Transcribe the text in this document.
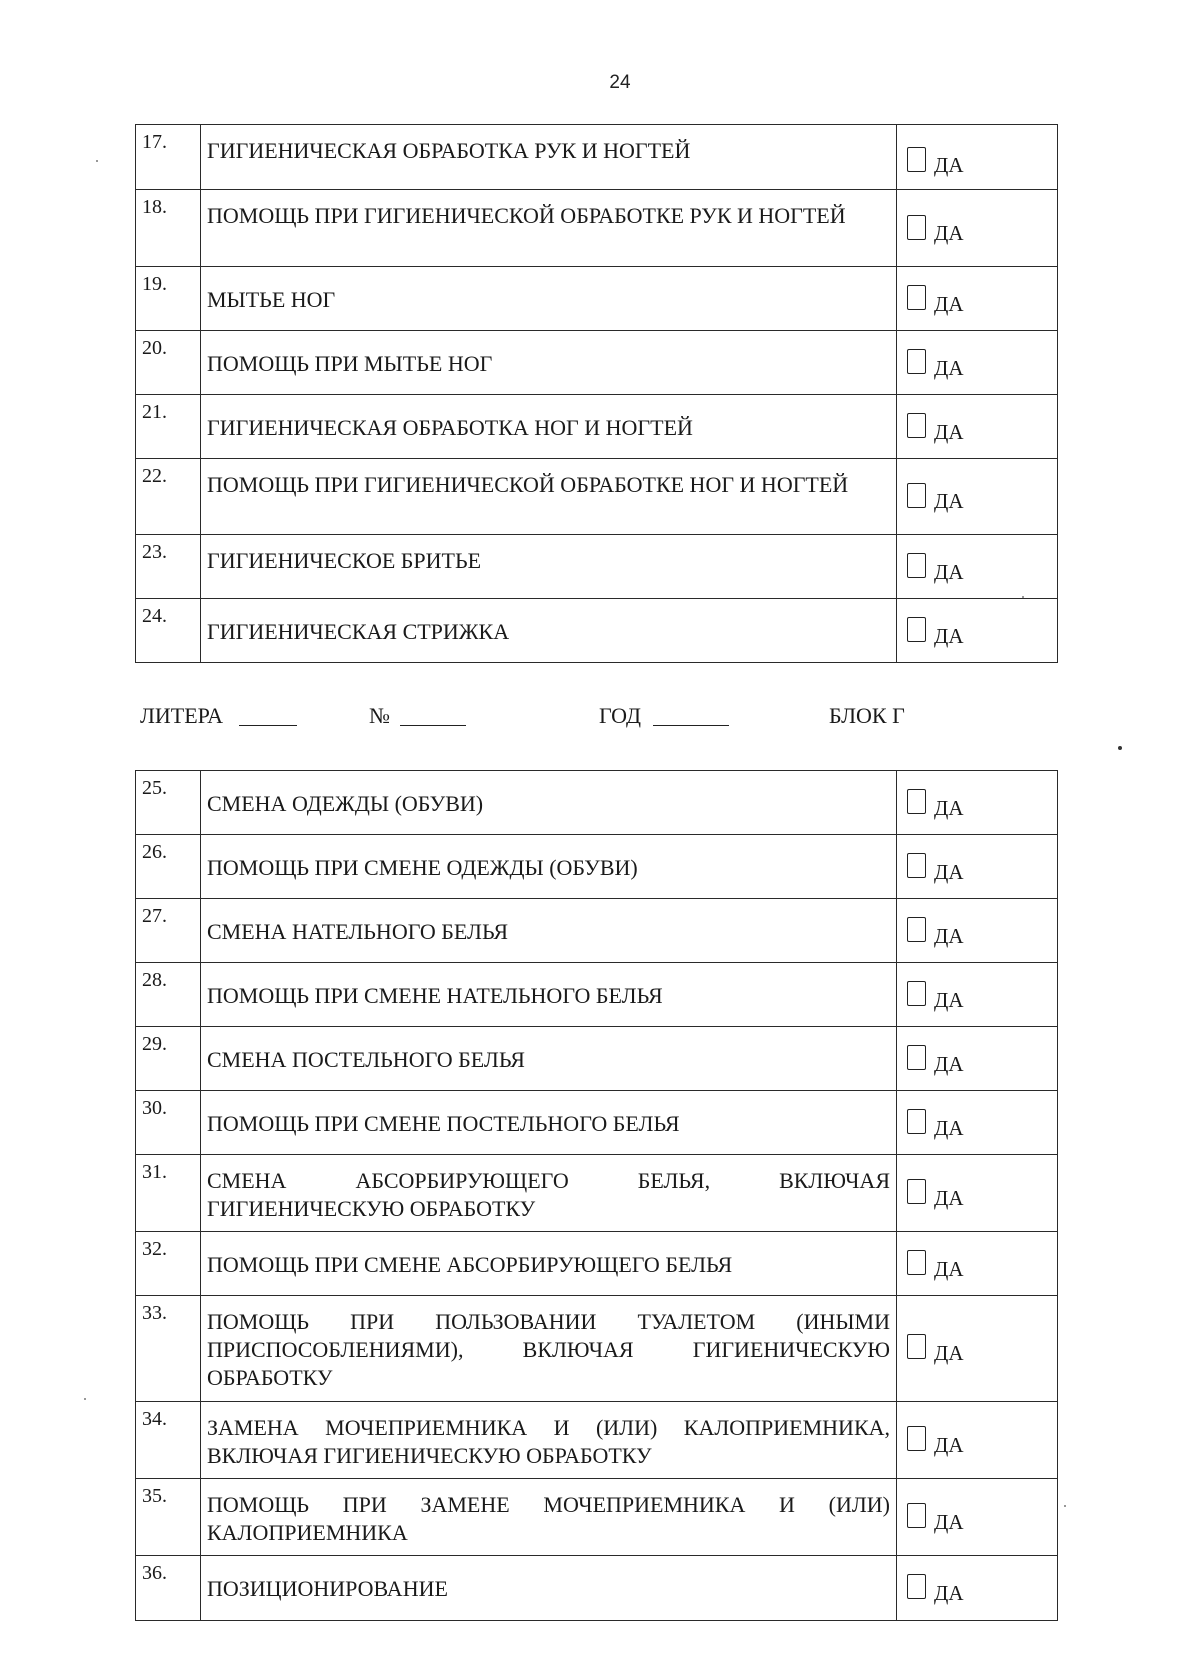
24
17.	ГИГИЕНИЧЕСКАЯ ОБРАБОТКА РУК И НОГТЕЙ	ДА

18.	ПОМОЩЬ ПРИ ГИГИЕНИЧЕСКОЙ ОБРАБОТКЕ РУК И НОГТЕЙ	ДА

19.	МЫТЬЕ НОГ	ДА

20.	ПОМОЩЬ ПРИ МЫТЬЕ НОГ	ДА

21.	ГИГИЕНИЧЕСКАЯ ОБРАБОТКА НОГ И НОГТЕЙ	ДА

22.	ПОМОЩЬ ПРИ ГИГИЕНИЧЕСКОЙ ОБРАБОТКЕ НОГ И НОГТЕЙ	ДА

23.	ГИГИЕНИЧЕСКОЕ БРИТЬЕ	ДА

24.	ГИГИЕНИЧЕСКАЯ СТРИЖКА	ДА
ЛИТЕРА	№	ГОД	БЛОК Г
25.	СМЕНА ОДЕЖДЫ (ОБУВИ)	ДА

26.	ПОМОЩЬ ПРИ СМЕНЕ ОДЕЖДЫ (ОБУВИ)	ДА

27.	СМЕНА НАТЕЛЬНОГО БЕЛЬЯ	ДА

28.	ПОМОЩЬ ПРИ СМЕНЕ НАТЕЛЬНОГО БЕЛЬЯ	ДА

29.	СМЕНА ПОСТЕЛЬНОГО БЕЛЬЯ	ДА

30.	ПОМОЩЬ ПРИ СМЕНЕ ПОСТЕЛЬНОГО БЕЛЬЯ	ДА

31.	СМЕНА АБСОРБИРУЮЩЕГО БЕЛЬЯ, ВКЛЮЧАЯ ГИГИЕНИЧЕСКУЮ ОБРАБОТКУ	ДА

32.	ПОМОЩЬ ПРИ СМЕНЕ АБСОРБИРУЮЩЕГО БЕЛЬЯ	ДА

33.	ПОМОЩЬ ПРИ ПОЛЬЗОВАНИИ ТУАЛЕТОМ (ИНЫМИ ПРИСПОСОБЛЕНИЯМИ), ВКЛЮЧАЯ ГИГИЕНИЧЕСКУЮ ОБРАБОТКУ	ДА

34.	ЗАМЕНА МОЧЕПРИЕМНИКА И (ИЛИ) КАЛОПРИЕМНИКА, ВКЛЮЧАЯ ГИГИЕНИЧЕСКУЮ ОБРАБОТКУ	ДА

35.	ПОМОЩЬ ПРИ ЗАМЕНЕ МОЧЕПРИЕМНИКА И (ИЛИ) КАЛОПРИЕМНИКА	ДА

36.	ПОЗИЦИОНИРОВАНИЕ	ДА
